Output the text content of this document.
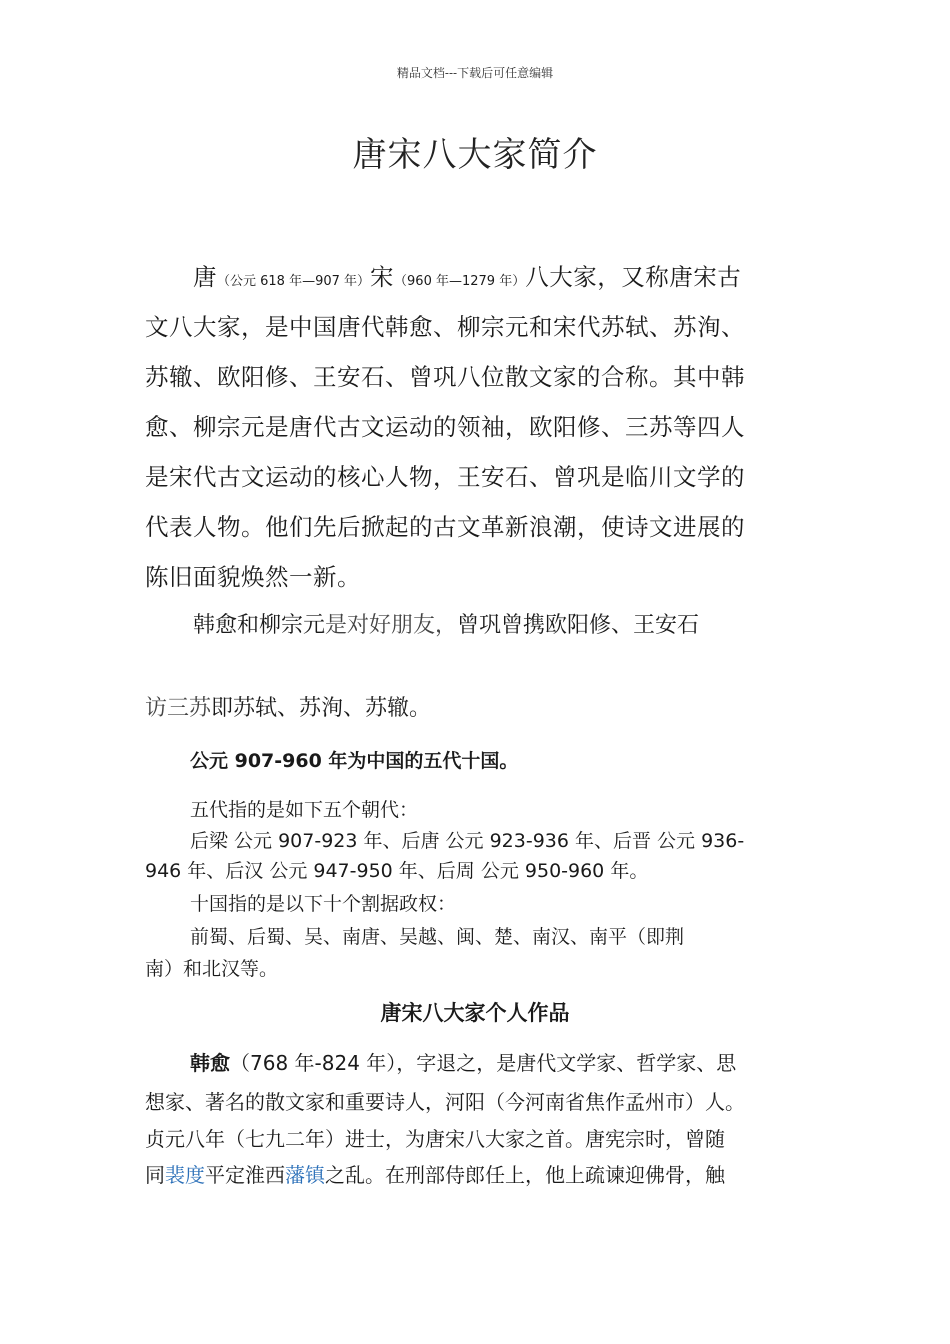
精品文档---下载后可任意编辑
唐宋八大家简介
唐（公元 618 年—907 年）宋（960 年—1279 年）八大家，又称唐宋古
文八大家，是中国唐代韩愈、柳宗元和宋代苏轼、苏洵、
苏辙、欧阳修、王安石、曾巩八位散文家的合称。其中韩
愈、柳宗元是唐代古文运动的领袖，欧阳修、三苏等四人
是宋代古文运动的核心人物，王安石、曾巩是临川文学的
代表人物。他们先后掀起的古文革新浪潮，使诗文进展的
陈旧面貌焕然一新。
韩愈和柳宗元是对好朋友，曾巩曾携欧阳修、王安石
访三苏即苏轼、苏洵、苏辙。
公元 907-960 年为中国的五代十国。
五代指的是如下五个朝代：
后梁 公元 907-923 年、后唐 公元 923-936 年、后晋 公元 936-
946 年、后汉 公元 947-950 年、后周 公元 950-960 年。
十国指的是以下十个割据政权：
前蜀、后蜀、吴、南唐、吴越、闽、楚、南汉、南平（即荆
南）和北汉等。
唐宋八大家个人作品
韩愈（768 年-824 年），字退之，是唐代文学家、哲学家、思
想家、著名的散文家和重要诗人，河阳（今河南省焦作孟州市）人。
贞元八年（七九二年）进士，为唐宋八大家之首。唐宪宗时，曾随
同裴度平定淮西藩镇之乱。在刑部侍郎任上，他上疏谏迎佛骨，触
